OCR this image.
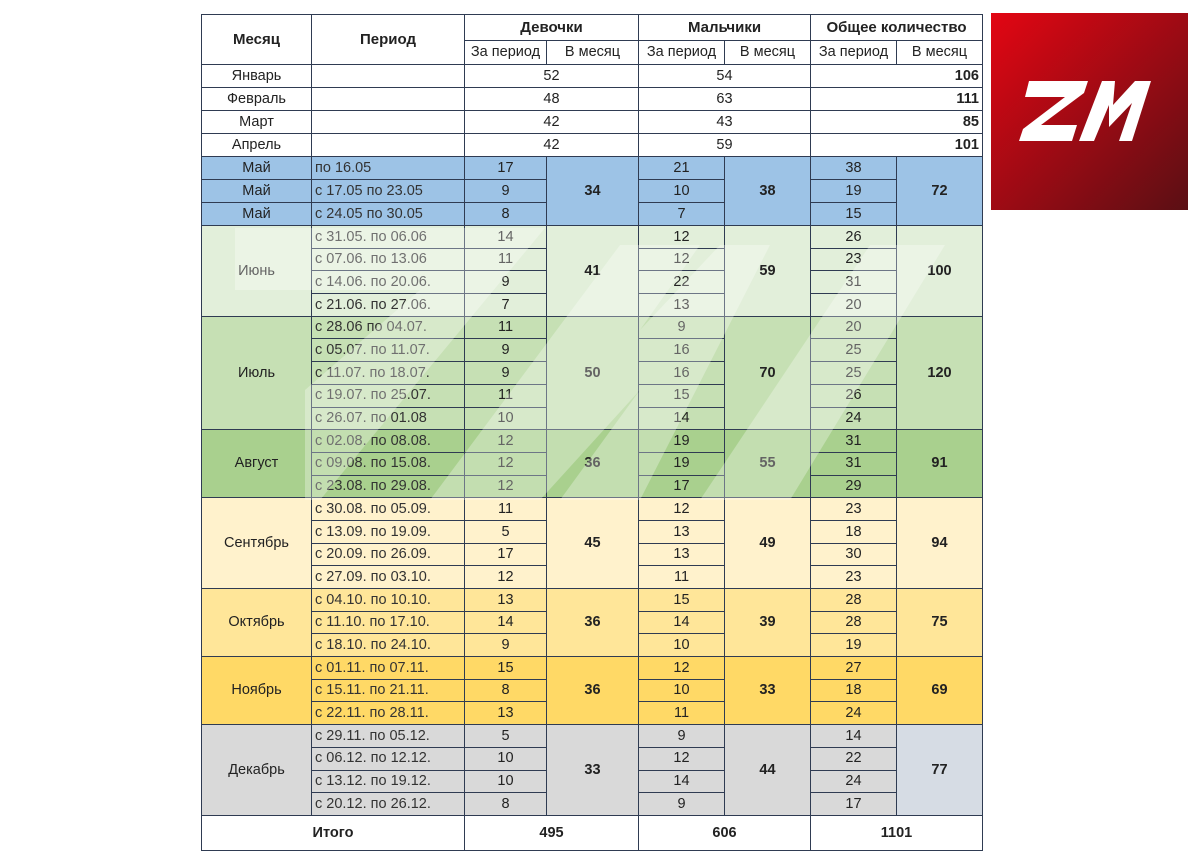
Месяц	Период	Девочки		Мальчики		Общее количество	
		За период	В месяц	За период	В месяц	За период	В месяц
Январь		52		54		106	
Февраль		48		63		111	
Март		42		43		85	
Апрель		42		59		101	
Май	по 16.05	17	34	21	38	38	72
Май	с 17.05 по 23.05	9		10		19	
Май	с 24.05 по 30.05	8		7		15	
Июнь	с 31.05. по 06.06	14	41	12	59	26	100
	с 07.06. по 13.06	11		12		23	
	с 14.06. по 20.06.	9		22		31	
	с 21.06. по 27.06.	7		13		20	
Июль	с 28.06 по 04.07.	11	50	9	70	20	120
	с 05.07. по 11.07.	9		16		25	
	с 11.07. по 18.07.	9		16		25	
	с 19.07. по 25.07.	11		15		26	
	с 26.07. по 01.08	10		14		24	
Август	с 02.08. по 08.08.	12	36	19	55	31	91
	с 09.08. по 15.08.	12		19		31	
	с 23.08. по 29.08.	12		17		29	
Сентябрь	с 30.08. по 05.09.	11	45	12	49	23	94
	с 13.09. по 19.09.	5		13		18	
	с 20.09. по 26.09.	17		13		30	
	с 27.09. по 03.10.	12		11		23	
Октябрь	с 04.10. по 10.10.	13	36	15	39	28	75
	с 11.10. по 17.10.	14		14		28	
	с 18.10. по 24.10.	9		10		19	
Ноябрь	с 01.11. по 07.11.	15	36	12	33	27	69
	с 15.11. по 21.11.	8		10		18	
	с 22.11. по 28.11.	13		11		24	
Декабрь	с 29.11. по 05.12.	5	33	9	44	14	77
	с 06.12. по 12.12.	10		12		22	
	с 13.12. по 19.12.	10		14		24	
	с 20.12. по 26.12.	8		9		17	
Итого		495		606		1101	
